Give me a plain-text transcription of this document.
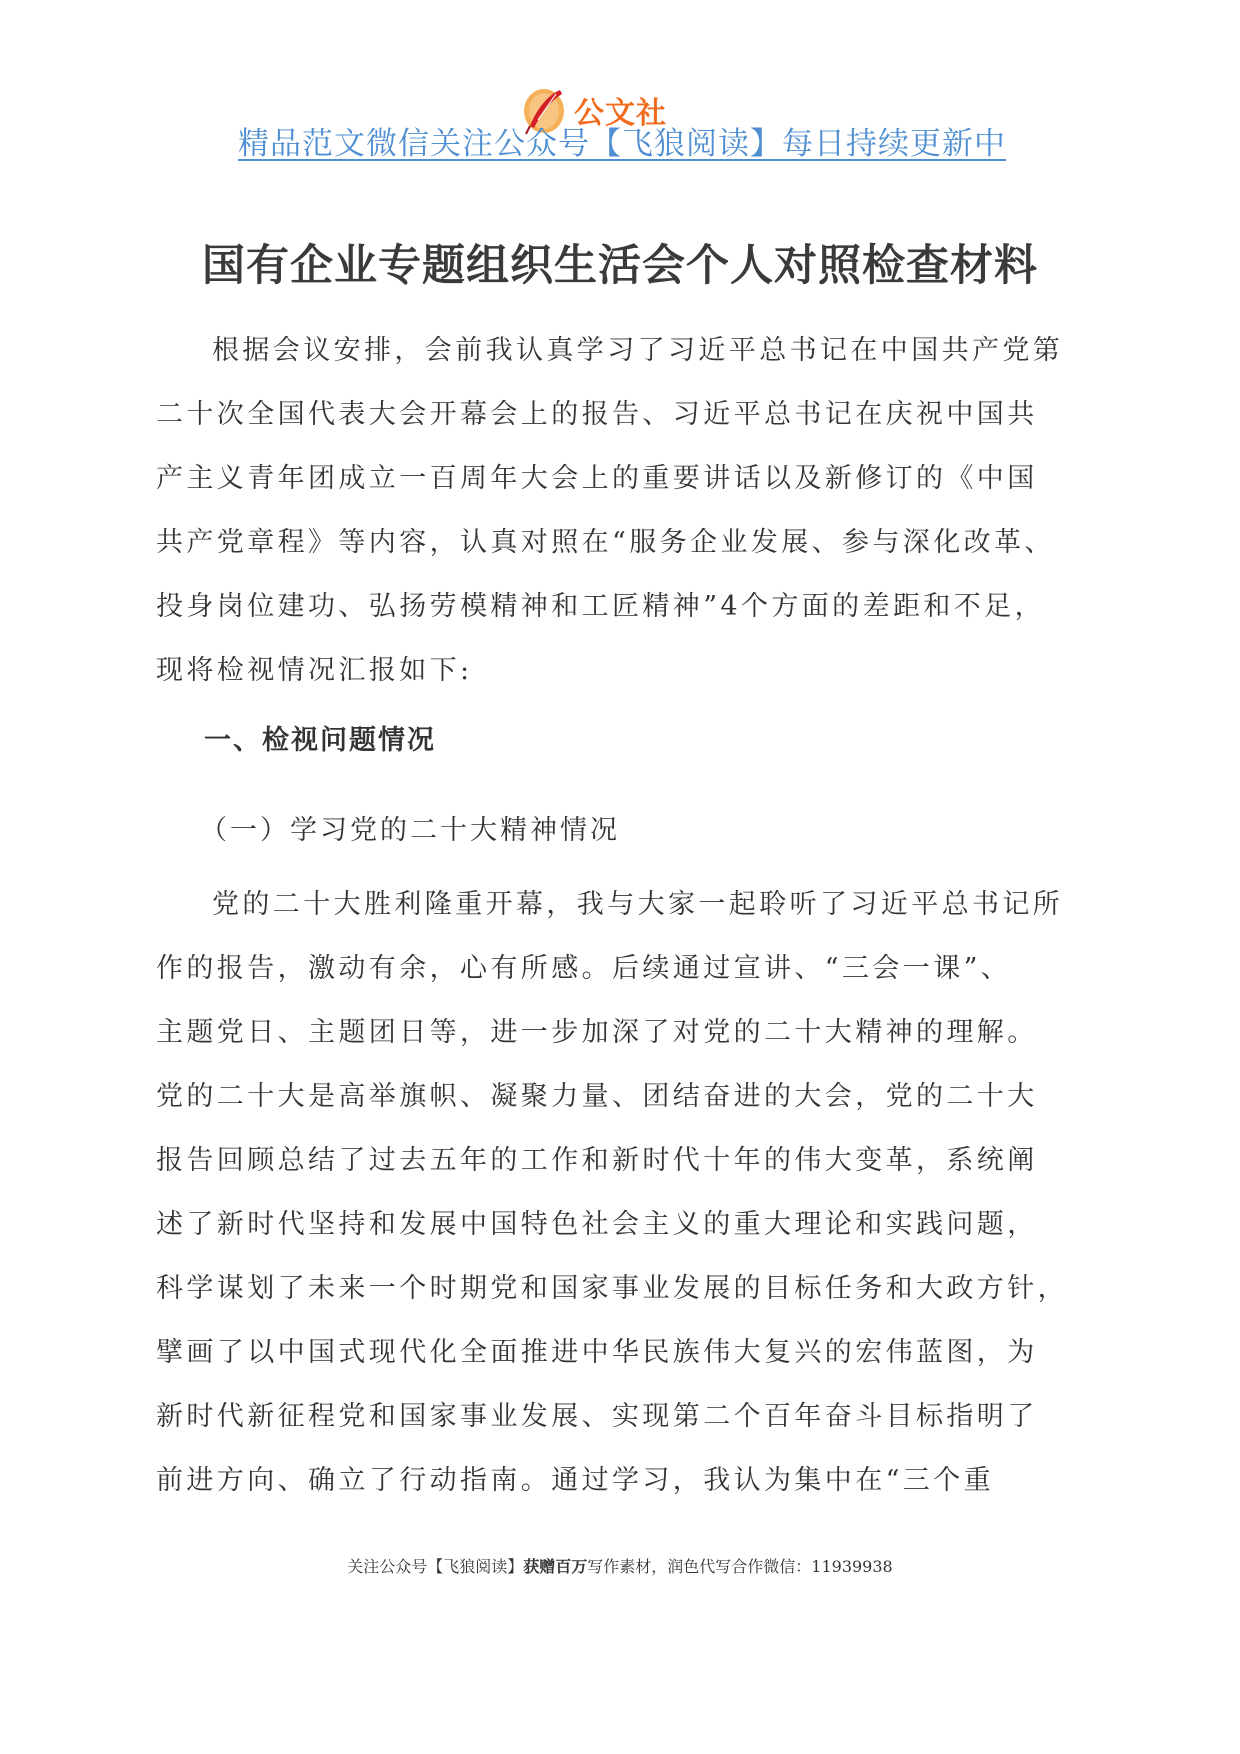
公文社
精品范文微信关注公众号【飞狼阅读】每日持续更新中
国有企业专题组织生活会个人对照检查材料
根据会议安排，会前我认真学习了习近平总书记在中国共产党第
二十次全国代表大会开幕会上的报告、习近平总书记在庆祝中国共
产主义青年团成立一百周年大会上的重要讲话以及新修订的《中国
共产党章程》等内容，认真对照在“服务企业发展、参与深化改革、
投身岗位建功、弘扬劳模精神和工匠精神”4个方面的差距和不足，
现将检视情况汇报如下:
一、检视问题情况
（一）学习党的二十大精神情况
党的二十大胜利隆重开幕，我与大家一起聆听了习近平总书记所
作的报告，激动有余，心有所感。后续通过宣讲、“三会一课”、
主题党日、主题团日等，进一步加深了对党的二十大精神的理解。
党的二十大是高举旗帜、凝聚力量、团结奋进的大会，党的二十大
报告回顾总结了过去五年的工作和新时代十年的伟大变革，系统阐
述了新时代坚持和发展中国特色社会主义的重大理论和实践问题，
科学谋划了未来一个时期党和国家事业发展的目标任务和大政方针，
擘画了以中国式现代化全面推进中华民族伟大复兴的宏伟蓝图，为
新时代新征程党和国家事业发展、实现第二个百年奋斗目标指明了
前进方向、确立了行动指南。通过学习，我认为集中在“三个重
关注公众号【飞狼阅读】获赠百万写作素材，润色代写合作微信：11939938
